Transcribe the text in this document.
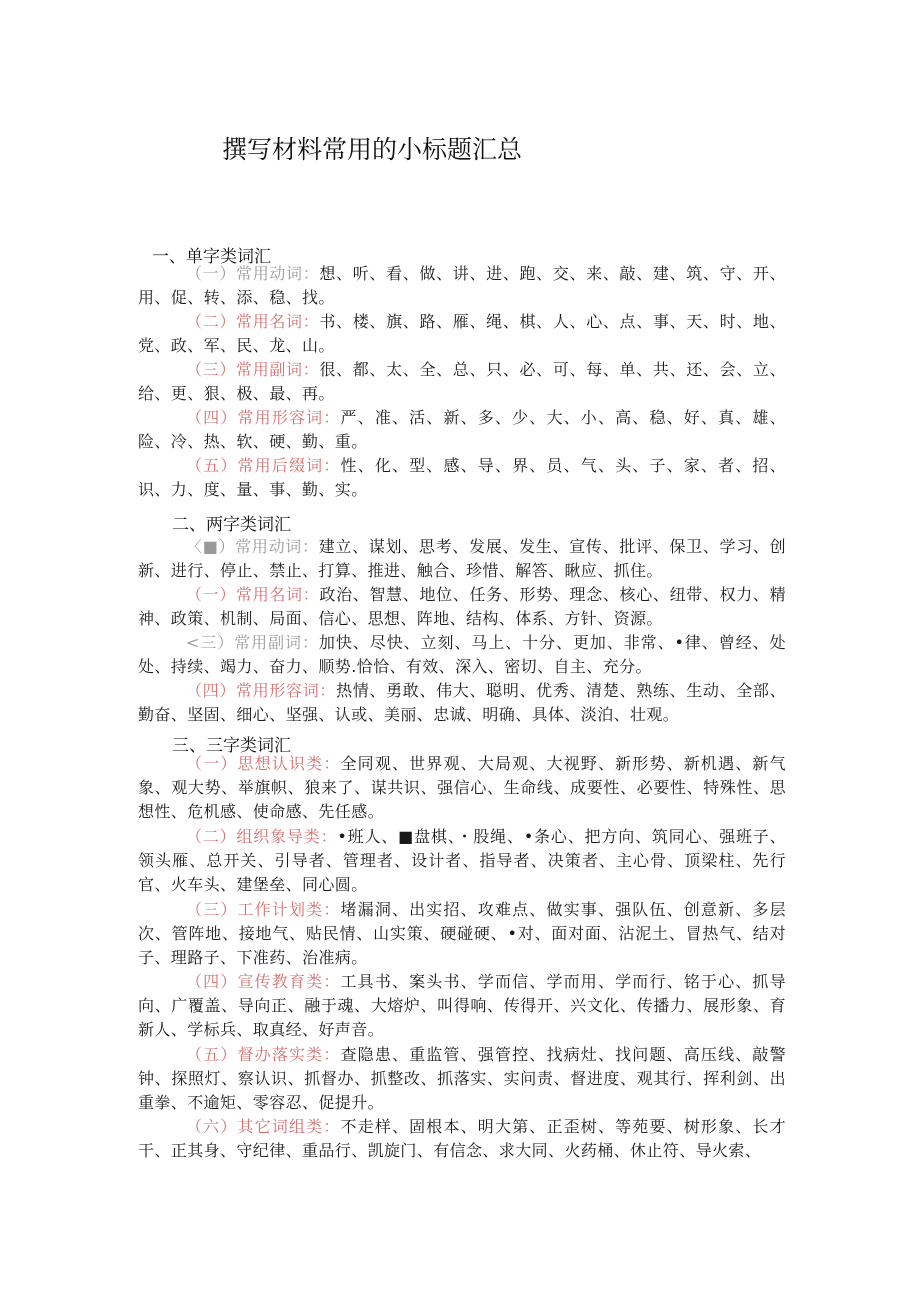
撰写材料常用的小标题汇总
一、单字类词汇
（一）常用动词：想、听、看、做、讲、进、跑、交、来、敲、建、筑、守、开、用、促、转、添、稳、找。
（二）常用名词：书、楼、旗、路、雁、绳、棋、人、心、点、事、天、时、地、党、政、军、民、龙、山。
（三）常用副词：很、都、太、全、总、只、必、可、每、单、共、还、会、立、给、更、狠、极、最、再。
（四）常用形容词：严、准、活、新、多、少、大、小、高、稳、好、真、雄、险、冷、热、软、硬、勤、重。
（五）常用后缀词：性、化、型、感、导、界、员、气、头、子、家、者、招、识、力、度、量、事、勤、实。
二、两字类词汇
〈■）常用动词：建立、谋划、思考、发展、发生、宣传、批评、保卫、学习、创新、进行、停止、禁止、打算、推进、触合、珍惜、解答、瞅应、抓住。
（一）常用名词：政治、智慧、地位、任务、形势、理念、核心、纽带、权力、精神、政策、机制、局面、信心、思想、阵地、结构、体系、方针、资源。
<三）常用副词：加快、尽快、立刻、马上、十分、更加、非常、•律、曾经、处处、持续、竭力、奋力、顺势.恰恰、有效、深入、密切、自主、充分。
（四）常用形容词：热情、勇敢、伟大、聪明、优秀、清楚、熟练、生动、全部、勤奋、坚固、细心、坚强、认或、美丽、忠诚、明确、具体、淡泊、壮观。
三、三字类词汇
（一）思想认识类：全同观、世界观、大局观、大视野、新形势、新机遇、新气象、观大势、举旗帜、狼来了、谋共识、强信心、生命线、成要性、必要性、特殊性、思想性、危机感、使命感、先任感。
（二）组织象导类：•班人、■盘棋、・股绳、•条心、把方向、筑同心、强班子、领头雁、总开关、引导者、管理者、设计者、指导者、决策者、主心骨、顶梁柱、先行官、火车头、建堡垒、同心圆。
（三）工作计划类：堵漏洞、出实招、攻难点、做实事、强队伍、创意新、多层次、管阵地、接地气、贴民情、山实策、硬碰硬、•对、面对面、沾泥土、冒热气、结对子、理路子、下准药、治准病。
（四）宣传教育类：工具书、案头书、学而信、学而用、学而行、铭于心、抓导向、广覆盖、导向正、融于魂、大熔炉、叫得响、传得开、兴文化、传播力、展形象、育新人、学标兵、取真经、好声音。
（五）督办落实类：查隐患、重监管、强管控、找病灶、找问题、高压线、敲警钟、探照灯、察认识、抓督办、抓整改、抓落实、实问责、督进度、观其行、挥利剑、出重拳、不逾矩、零容忍、促提升。
（六）其它词组类：不走样、固根本、明大第、正歪树、等苑要、树形象、长才干、正其身、守纪律、重品行、凯旋门、有信念、求大同、火药桶、休止符、导火索、
